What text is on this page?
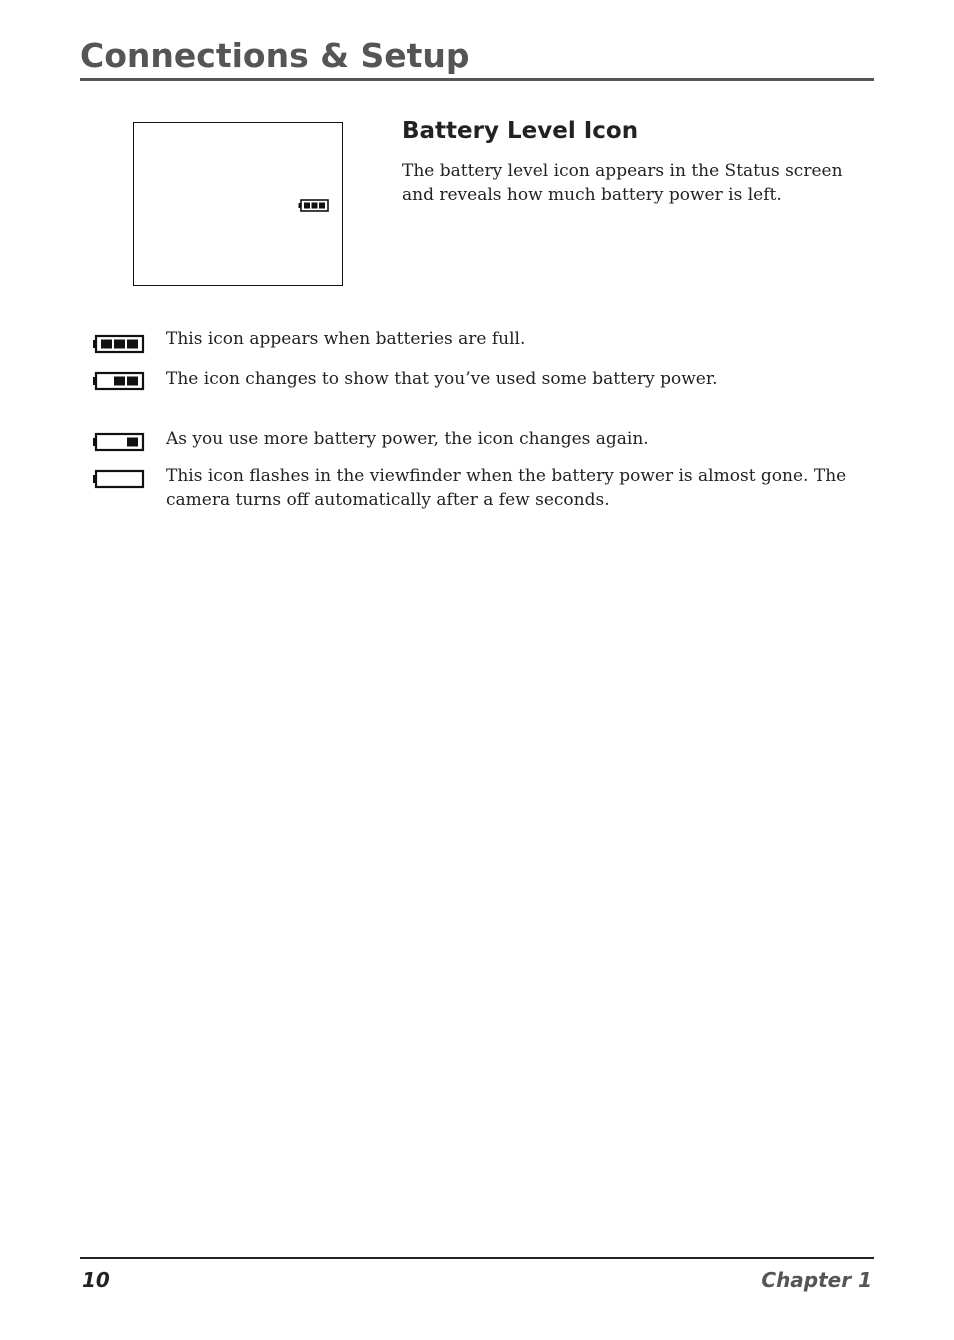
Connections & Setup
Battery Level Icon
The battery level icon appears in the Status screen and reveals how much battery power is left.
This icon appears when batteries are full.
The icon changes to show that you’ve used some battery power.
As you use more battery power, the icon changes again.
This icon flashes in the viewfinder when the battery power is almost gone. The camera turns off automatically after a few seconds.
10	Chapter 1
